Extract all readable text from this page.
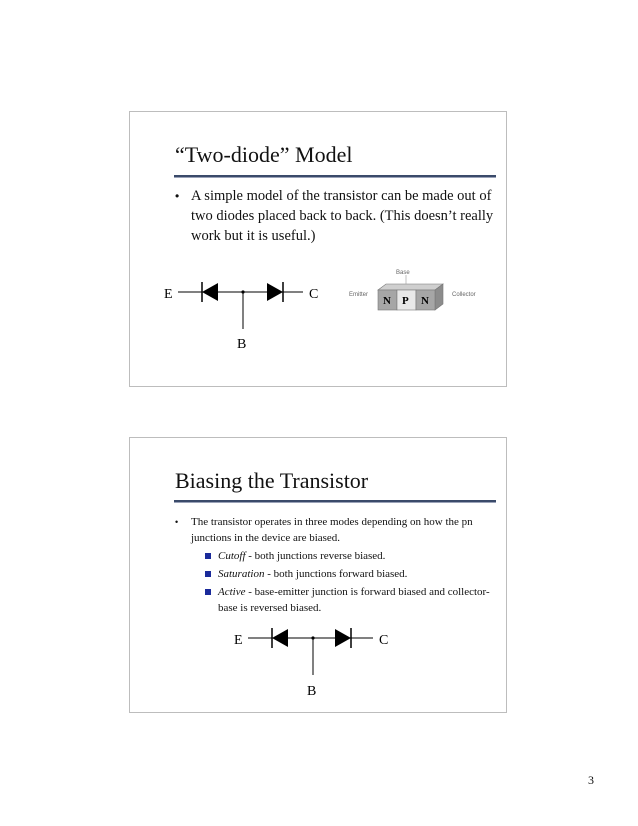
“Two-diode” Model
• A simple model of the transistor can be made out of two diodes placed back to back. (This doesn’t really work but it is useful.)
E	C
B
N P N
Base
Emitter	Collector
Biasing the Transistor
• The transistor operates in three modes depending on how the pn junctions in the device are biased.
Cutoff - both junctions reverse biased.
Saturation - both junctions forward biased.
Active - base-emitter junction is forward biased and collector-base is reversed biased.
E	C
B
3
